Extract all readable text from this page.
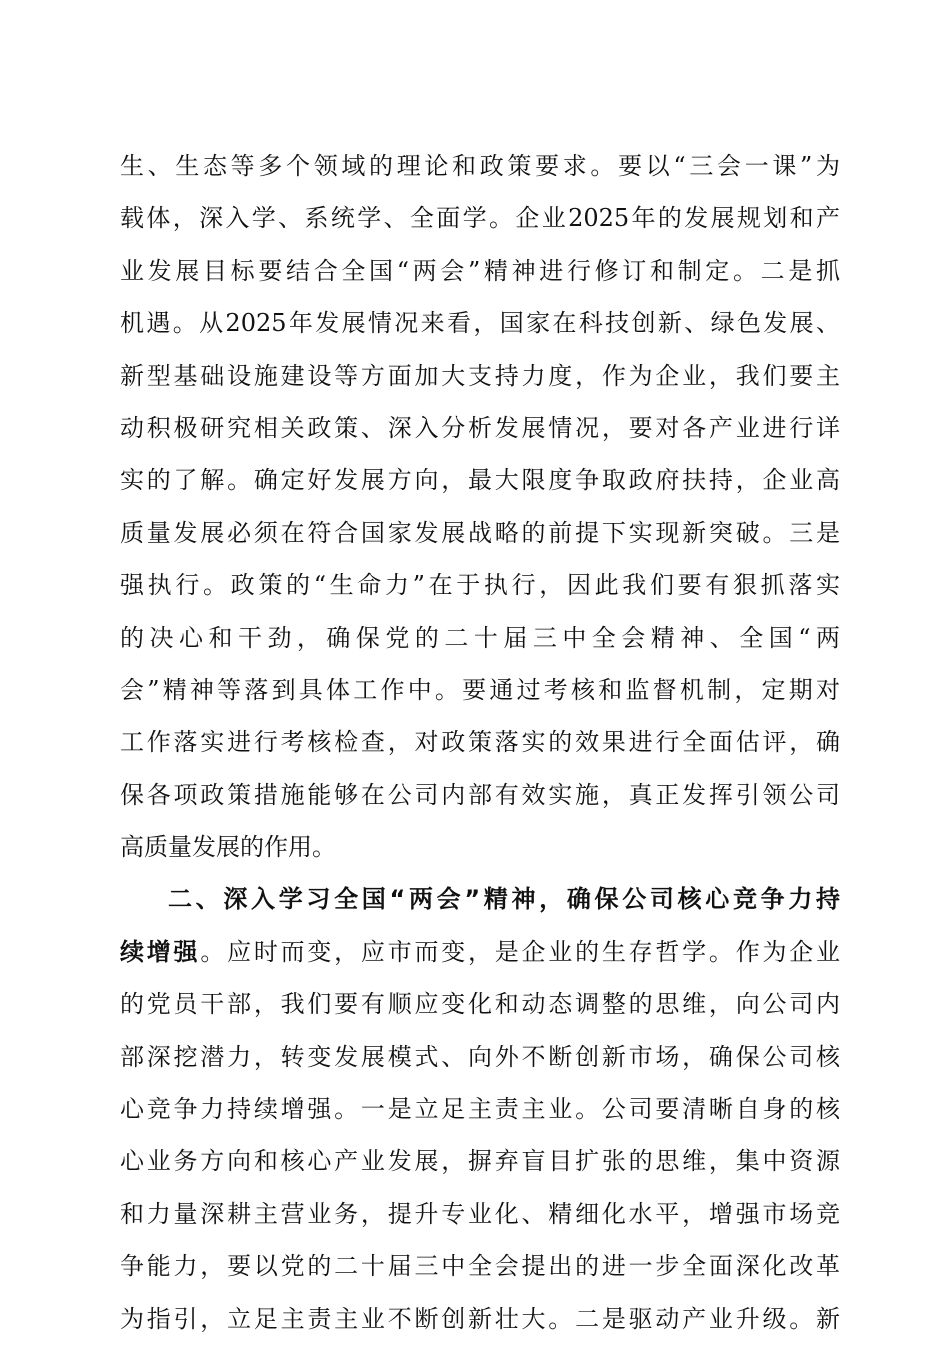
生、生态等多个领域的理论和政策要求。要以“三会一课”为
载体，深入学、系统学、全面学。企业2025年的发展规划和产
业发展目标要结合全国“两会”精神进行修订和制定。二是抓
机遇。从2025年发展情况来看，国家在科技创新、绿色发展、
新型基础设施建设等方面加大支持力度，作为企业，我们要主
动积极研究相关政策、深入分析发展情况，要对各产业进行详
实的了解。确定好发展方向，最大限度争取政府扶持，企业高
质量发展必须在符合国家发展战略的前提下实现新突破。三是
强执行。政策的“生命力”在于执行，因此我们要有狠抓落实
的决心和干劲，确保党的二十届三中全会精神、全国“两
会”精神等落到具体工作中。要通过考核和监督机制，定期对
工作落实进行考核检查，对政策落实的效果进行全面估评，确
保各项政策措施能够在公司内部有效实施，真正发挥引领公司
高质量发展的作用。
二、深入学习全国“两会”精神，确保公司核心竞争力持
续增强。应时而变，应市而变，是企业的生存哲学。作为企业
的党员干部，我们要有顺应变化和动态调整的思维，向公司内
部深挖潜力，转变发展模式、向外不断创新市场，确保公司核
心竞争力持续增强。一是立足主责主业。公司要清晰自身的核
心业务方向和核心产业发展，摒弃盲目扩张的思维，集中资源
和力量深耕主营业务，提升专业化、精细化水平，增强市场竞
争能力，要以党的二十届三中全会提出的进一步全面深化改革
为指引，立足主责主业不断创新壮大。二是驱动产业升级。新
